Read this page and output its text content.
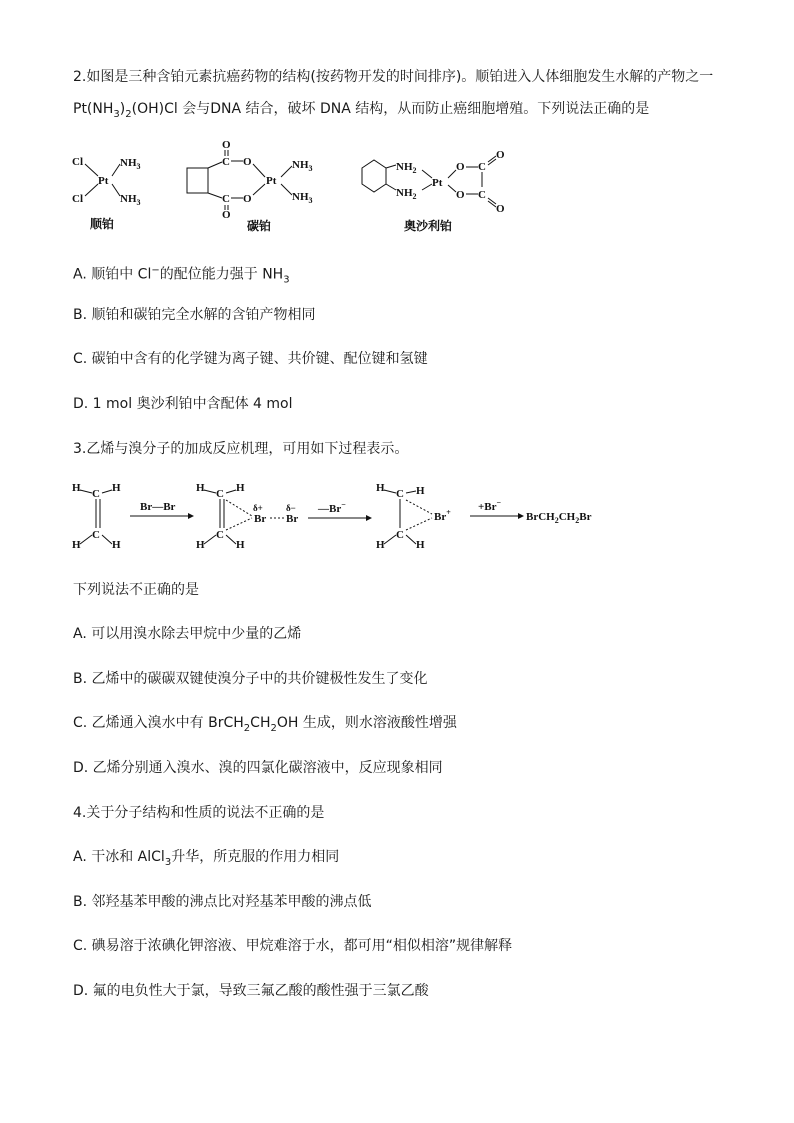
2.如图是三种含铂元素抗癌药物的结构(按药物开发的时间排序)。顺铂进入人体细胞发生水解的产物之一
$Pt(NH_3)_2(OH)Cl$ 会与DNA 结合，破坏 DNA 结构，从而防止癌细胞增殖。下列说法正确的是
Cl
Cl
Pt
$NH_3$
$NH_3$
顺铂
C
C
O
O
O
O
Pt
$NH_3$
$NH_3$
碳铂
$NH_2$
$NH_2$
Pt
O
O
C
C
O
O
奥沙利铂
A. 顺铂中 Cl−的配位能力强于 $NH_3$
B. 顺铂和碳铂完全水解的含铂产物相同
C. 碳铂中含有的化学键为离子键、共价键、配位键和氢键
D. 1 mol 奥沙利铂中含配体 4 mol
3.乙烯与溴分子的加成反应机理，可用如下过程表示。
H C H
H
C
H
Br—Br
H C H
H
C
H
δ+
Br
δ−
Br
—Br−
H C H
H
C
H
Br+ +Br−
$BrCH_2CH_2Br$
下列说法不正确的是
A. 可以用溴水除去甲烷中少量的乙烯
B. 乙烯中的碳碳双键使溴分子中的共价键极性发生了变化
C. 乙烯通入溴水中有 $BrCH_2CH_2OH$ 生成，则水溶液酸性增强
D. 乙烯分别通入溴水、溴的四氯化碳溶液中，反应现象相同
4.关于分子结构和性质的说法不正确的是
A. 干冰和 AlCl$_3$升华，所克服的作用力相同
B. 邻羟基苯甲酸的沸点比对羟基苯甲酸的沸点低
C. 碘易溶于浓碘化钾溶液、甲烷难溶于水，都可用“相似相溶”规律解释
D. 氟的电负性大于氯，导致三氟乙酸的酸性强于三氯乙酸
